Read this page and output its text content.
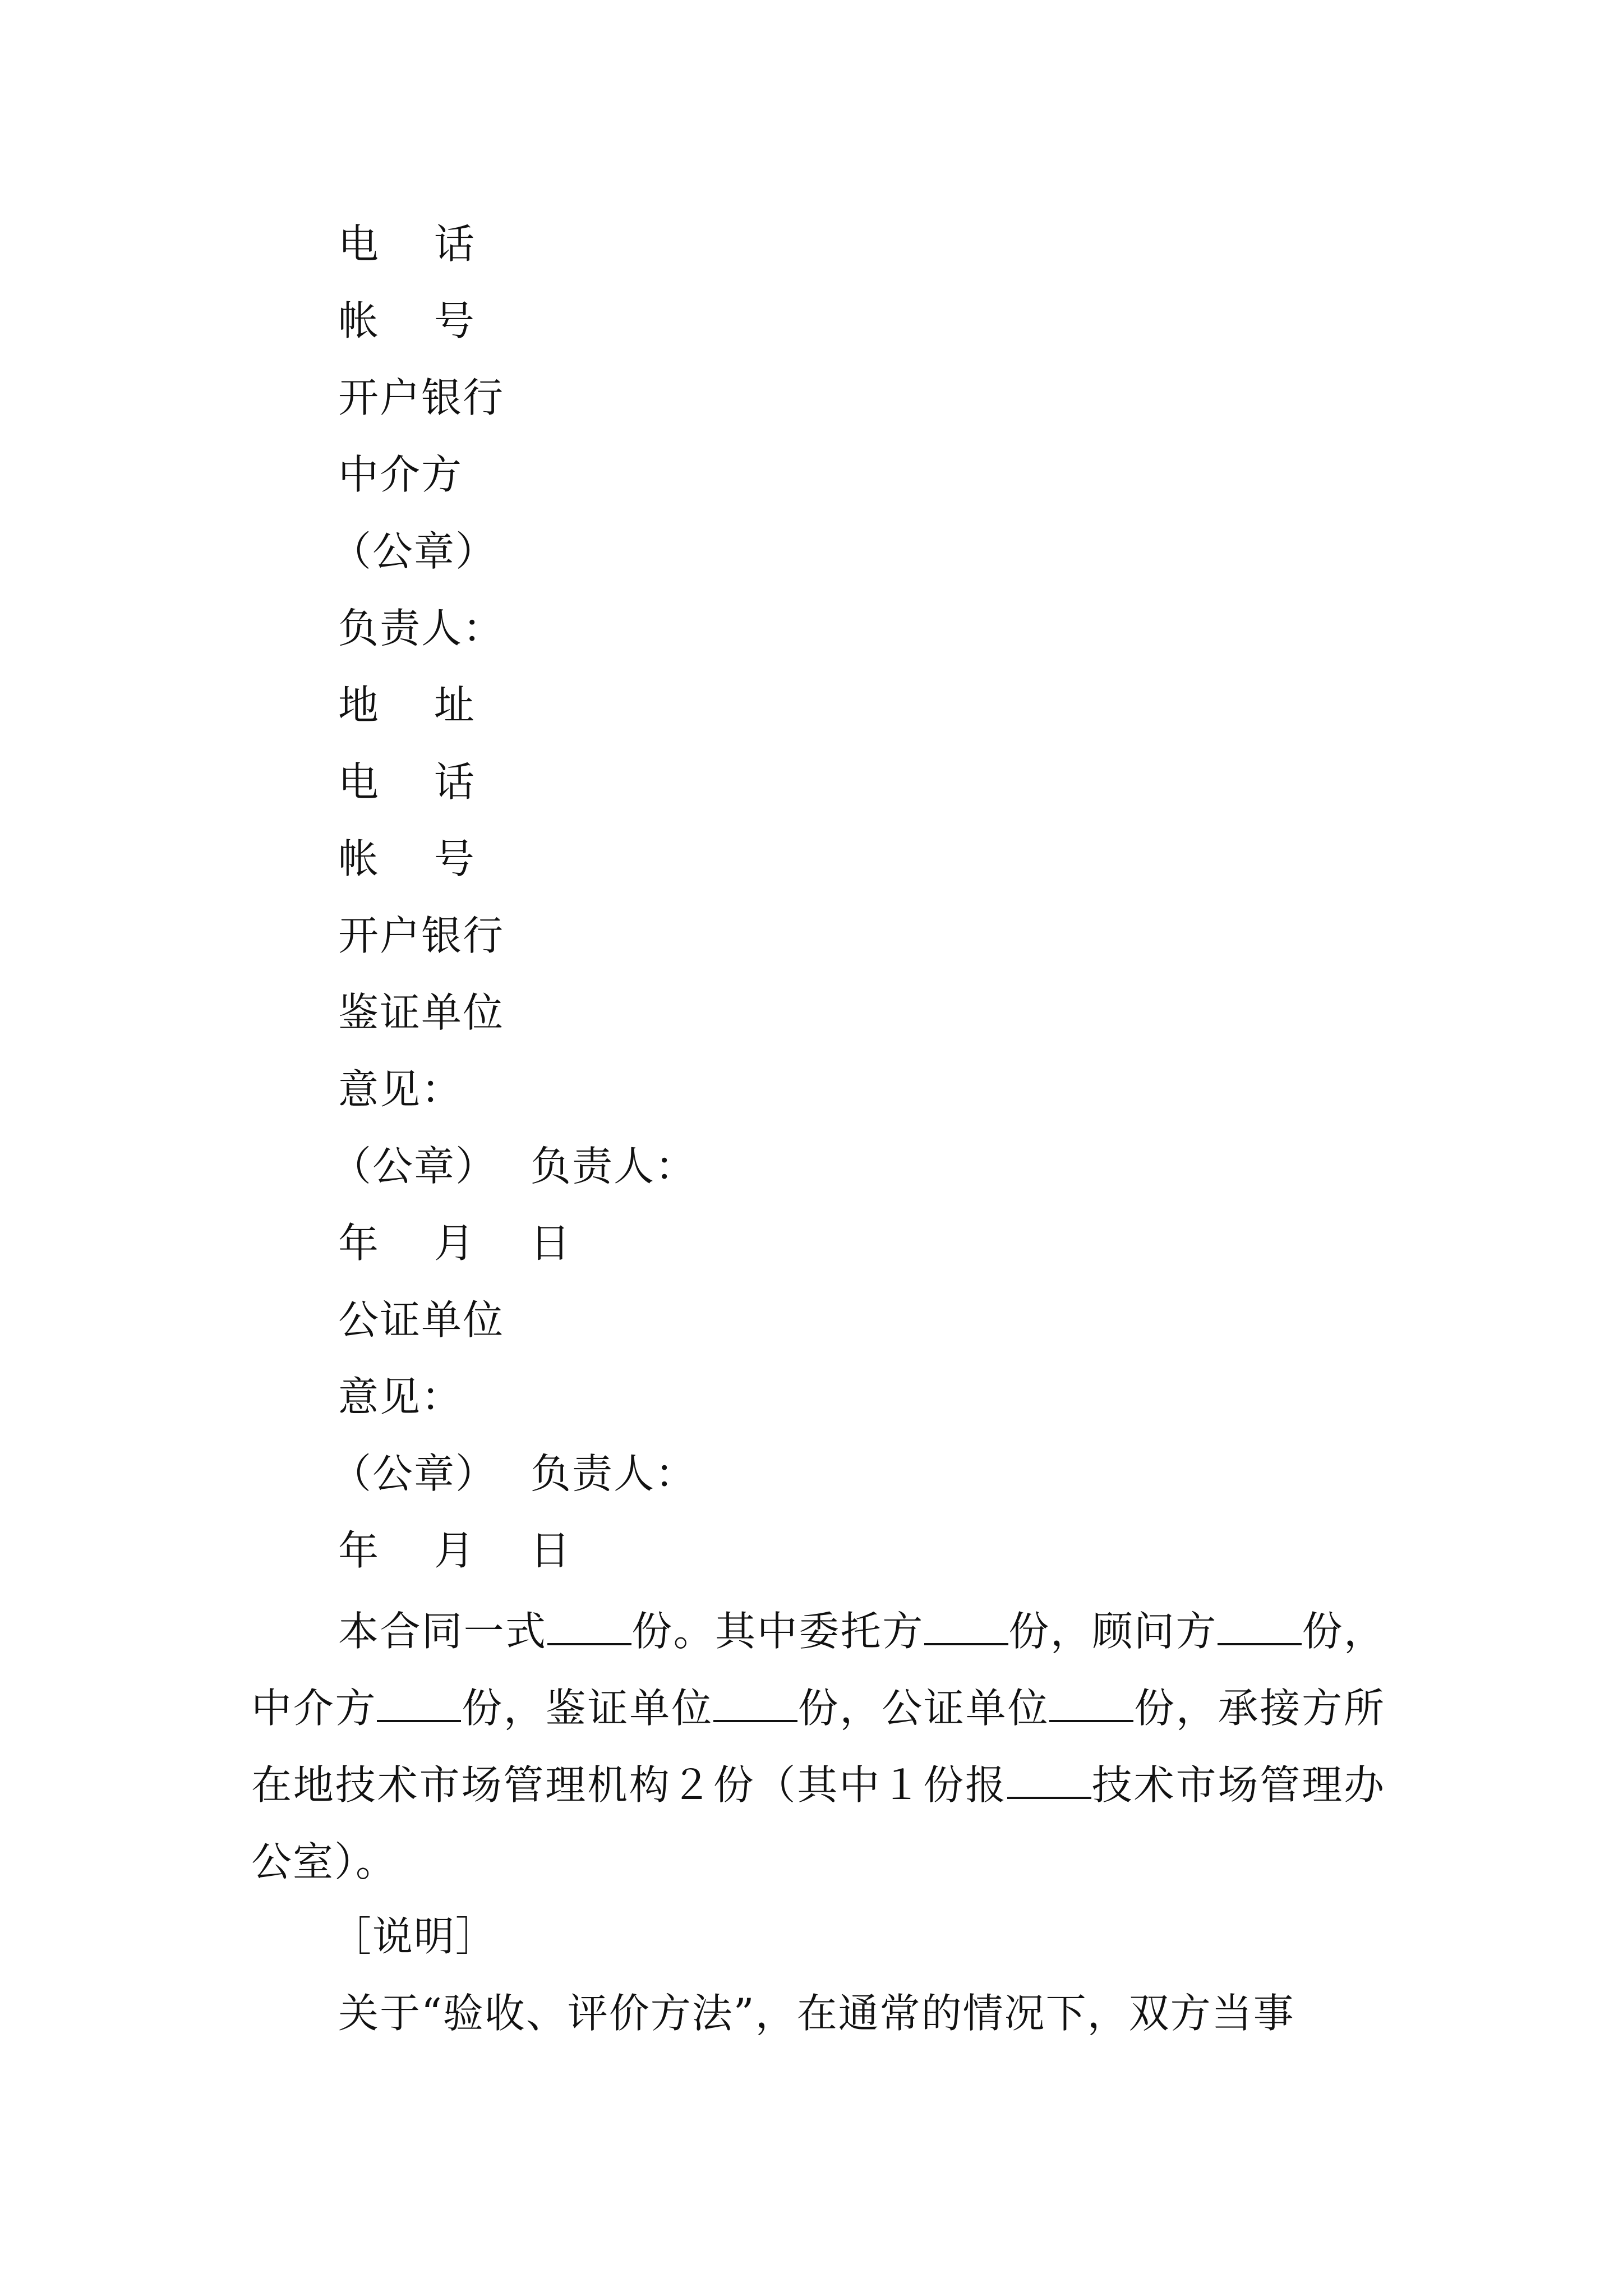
电 话
帐 号
开户银行
中介方
（公章）
负责人：
地 址
电 话
帐 号
开户银行
鉴证单位
意见：
（公章） 负责人：
年 月 日
公证单位
意见：
（公章） 负责人：
年 月 日

本合同一式 份。其中委托方 份，顾问方 份，中介方 份，鉴证单位 份，公证单位 份，承接方所在地技术市场管理机构２份（其中１份报 技术市场管理办公室）。

［说明］

关于“验收、评价方法”，在通常的情况下，双方当事
